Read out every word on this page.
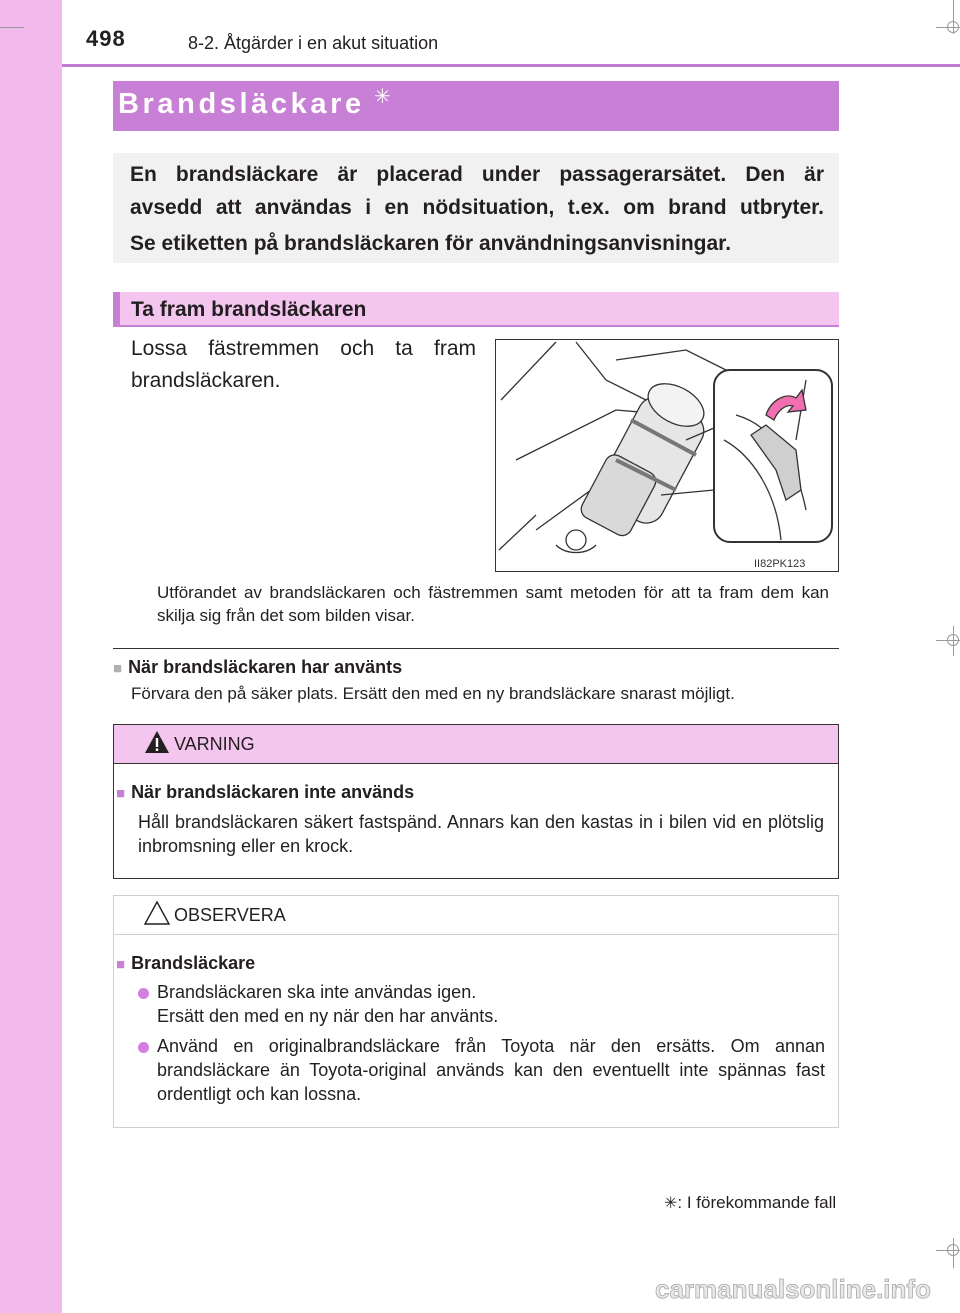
498	8-2. Åtgärder i en akut situation
Brandsläckare ✳
En brandsläckare är placerad under passagerarsätet. Den är
avsedd att användas i en nödsituation, t.ex. om brand utbryter.
Se etiketten på brandsläckaren för användningsanvisningar.
Ta fram brandsläckaren
Lossa fästremmen och ta fram
brandsläckaren.
II82PK123
Utförandet av brandsläckaren och fästremmen samt metoden för att ta fram dem kan skilja sig från det som bilden visar.
■ När brandsläckaren har använts
Förvara den på säker plats. Ersätt den med en ny brandsläckare snarast möjligt.
VARNING
■ När brandsläckaren inte används
Håll brandsläckaren säkert fastspänd. Annars kan den kastas in i bilen vid en plötslig inbromsning eller en krock.
OBSERVERA
■ Brandsläckare
Brandsläckaren ska inte användas igen.
Ersätt den med en ny när den har använts.
Använd en originalbrandsläckare från Toyota när den ersätts. Om annan brandsläckare än Toyota-original används kan den eventuellt inte spännas fast ordentligt och kan lossna.
✳: I förekommande fall
carmanualsonline.info
